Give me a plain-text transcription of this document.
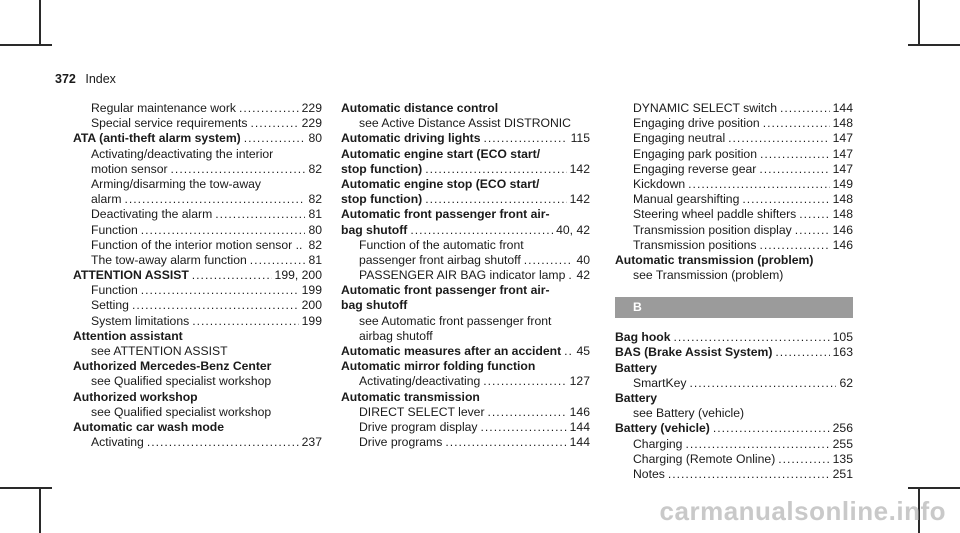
372 Index
Regular maintenance work .....	229
Special service requirements .....	229
ATA (anti-theft alarm system) .....	80
Activating/deactivating the interior
motion sensor .....	82
Arming/disarming the tow-away
alarm .....	82
Deactivating the alarm .....	81
Function .....	80
Function of the interior motion sensor .. 82
The tow-away alarm function .....	81
ATTENTION ASSIST .....	199, 200
Function .....	199
Setting .....	200
System limitations .....	199
Attention assistant
see ATTENTION ASSIST
Authorized Mercedes-Benz Center
see Qualified specialist workshop
Authorized workshop
see Qualified specialist workshop
Automatic car wash mode
Activating .....	237
Automatic distance control
see Active Distance Assist DISTRONIC
Automatic driving lights .....	115
Automatic engine start (ECO start/
stop function) .....	142
Automatic engine stop (ECO start/
stop function) .....	142
Automatic front passenger front air-
bag shutoff .....	40, 42
Function of the automatic front
passenger front airbag shutoff .....	40
PASSENGER AIR BAG indicator lamp ..... 42
Automatic front passenger front air-
bag shutoff
see Automatic front passenger front
airbag shutoff
Automatic measures after an accident ..... 45
Automatic mirror folding function
Activating/deactivating .....	127
Automatic transmission
DIRECT SELECT lever .....	146
Drive program display .....	144
Drive programs .....	144
DYNAMIC SELECT switch .....	144
Engaging drive position .....	148
Engaging neutral .....	147
Engaging park position .....	147
Engaging reverse gear .....	147
Kickdown .....	149
Manual gearshifting .....	148
Steering wheel paddle shifters .....	148
Transmission position display .....	146
Transmission positions .....	146
Automatic transmission (problem)
see Transmission (problem)
B
Bag hook .....	105
BAS (Brake Assist System) .....	163
Battery
SmartKey .....	62
Battery
see Battery (vehicle)
Battery (vehicle) .....	256
Charging .....	255
Charging (Remote Online) .....	135
Notes .....	251
carmanualsonline.info
